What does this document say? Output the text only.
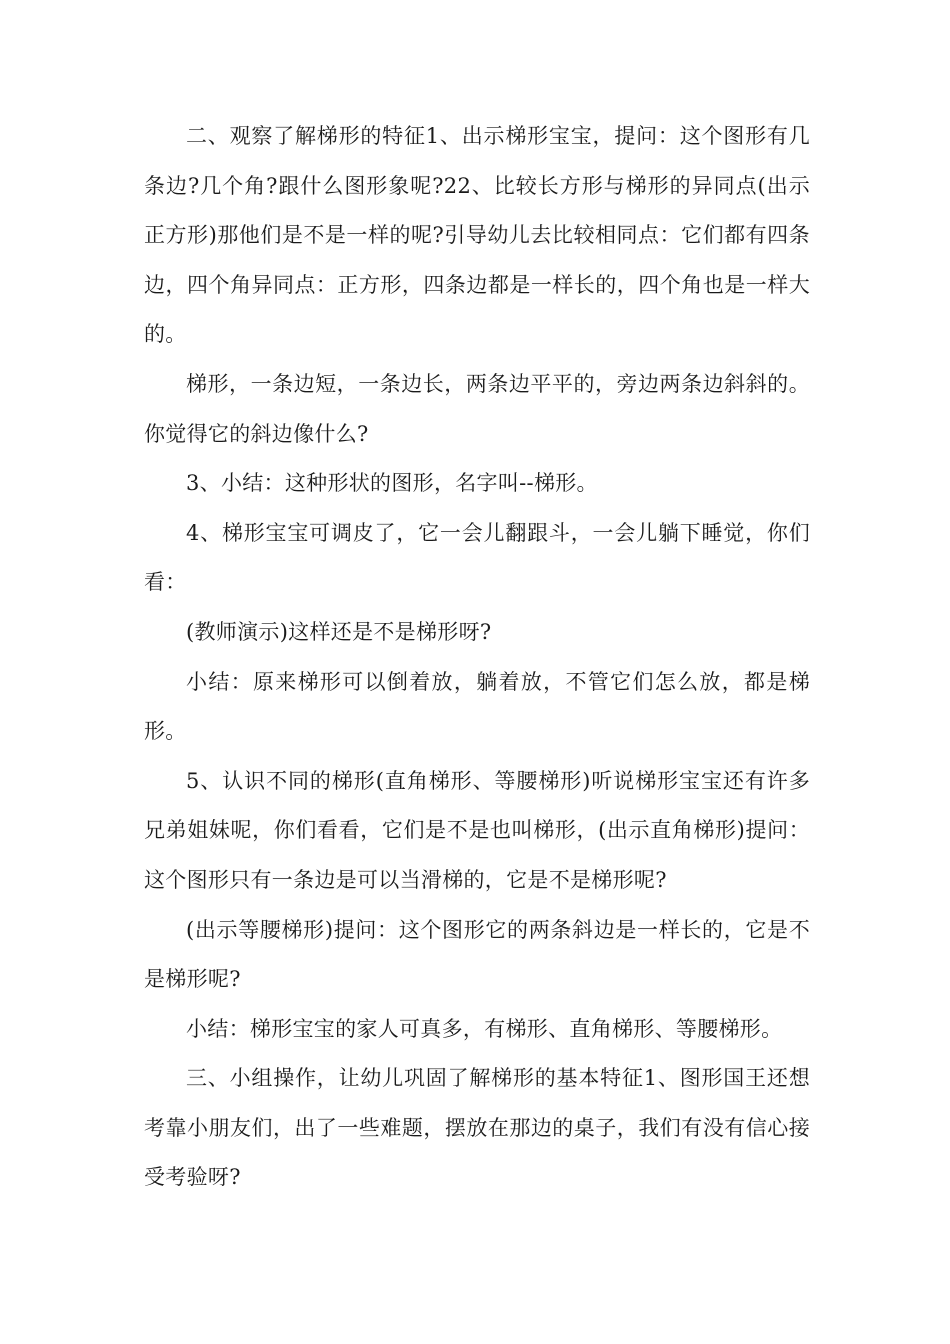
二、观察了解梯形的特征1、出示梯形宝宝，提问：这个图形有几条边?几个角?跟什么图形象呢?22、比较长方形与梯形的异同点(出示正方形)那他们是不是一样的呢?引导幼儿去比较相同点：它们都有四条边，四个角异同点：正方形，四条边都是一样长的，四个角也是一样大的。

梯形，一条边短，一条边长，两条边平平的，旁边两条边斜斜的。你觉得它的斜边像什么?

3、小结：这种形状的图形，名字叫--梯形。

4、梯形宝宝可调皮了，它一会儿翻跟斗，一会儿躺下睡觉，你们看：

(教师演示)这样还是不是梯形呀?

小结：原来梯形可以倒着放，躺着放，不管它们怎么放，都是梯形。

5、认识不同的梯形(直角梯形、等腰梯形)听说梯形宝宝还有许多兄弟姐妹呢，你们看看，它们是不是也叫梯形，(出示直角梯形)提问：这个图形只有一条边是可以当滑梯的，它是不是梯形呢?

(出示等腰梯形)提问：这个图形它的两条斜边是一样长的，它是不是梯形呢?

小结：梯形宝宝的家人可真多，有梯形、直角梯形、等腰梯形。

三、小组操作，让幼儿巩固了解梯形的基本特征1、图形国王还想考靠小朋友们，出了一些难题，摆放在那边的桌子，我们有没有信心接受考验呀?
